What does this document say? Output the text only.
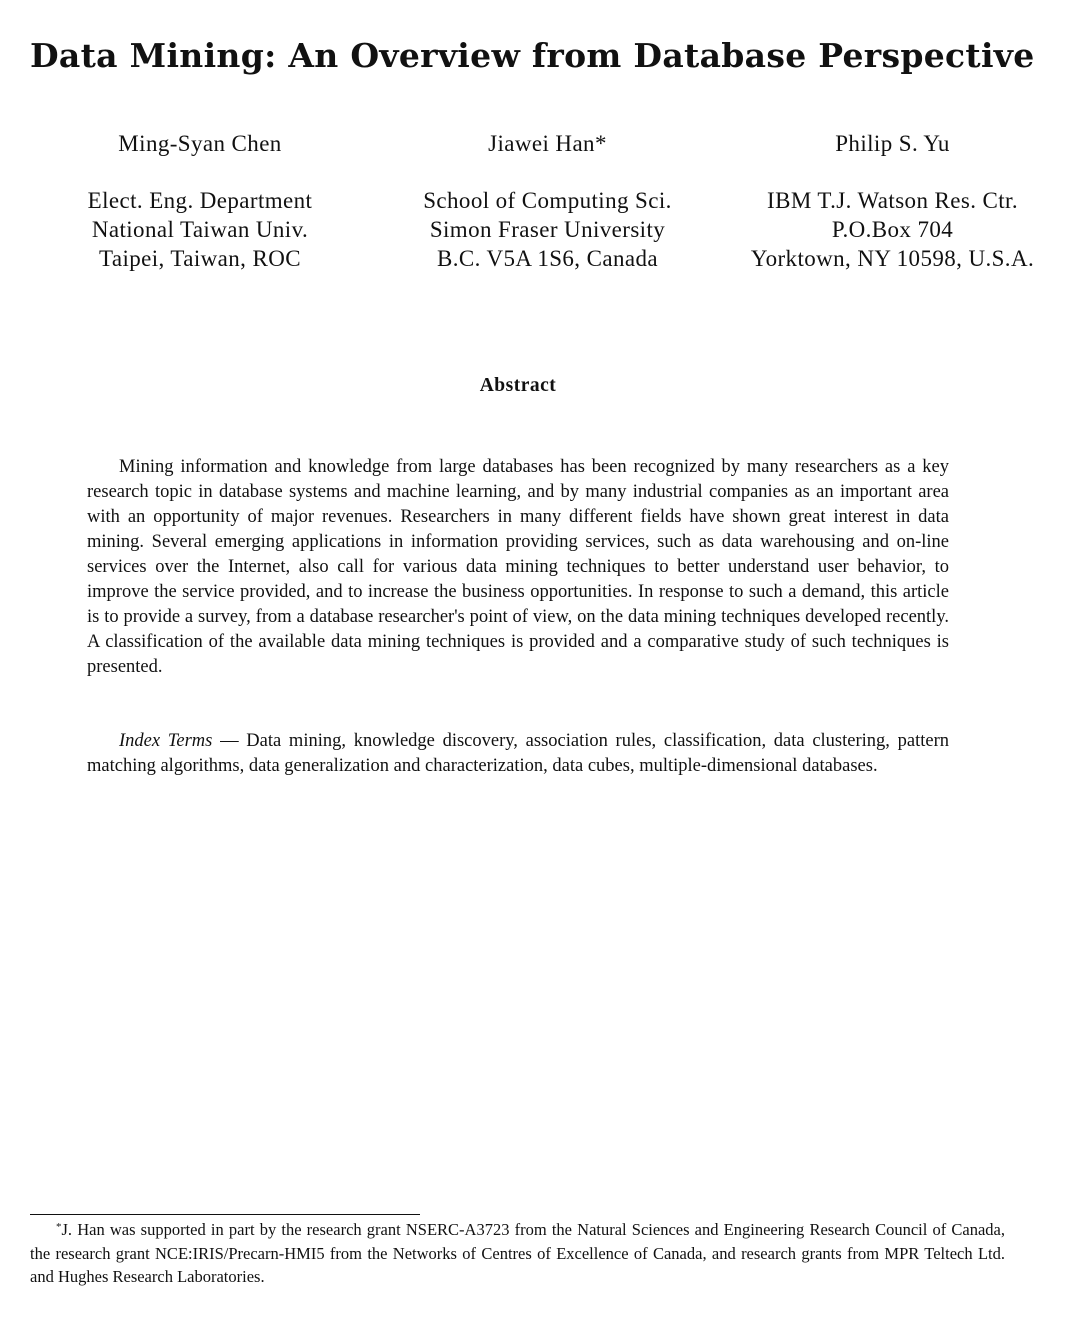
Data Mining: An Overview from Database Perspective
Ming-Syan Chen
Elect. Eng. Department
National Taiwan Univ.
Taipei, Taiwan, ROC
Jiawei Han*
School of Computing Sci.
Simon Fraser University
B.C. V5A 1S6, Canada
Philip S. Yu
IBM T.J. Watson Res. Ctr.
P.O.Box 704
Yorktown, NY 10598, U.S.A.
Abstract

Mining information and knowledge from large databases has been recognized by many researchers as a key research topic in database systems and machine learning, and by many industrial companies as an important area with an opportunity of major revenues. Researchers in many different fields have shown great interest in data mining. Several emerging applications in information providing services, such as data warehousing and on-line services over the Internet, also call for various data mining techniques to better understand user behavior, to improve the service provided, and to increase the business opportunities. In response to such a demand, this article is to provide a survey, from a database researcher's point of view, on the data mining techniques developed recently. A classification of the available data mining techniques is provided and a comparative study of such techniques is presented.

Index Terms — Data mining, knowledge discovery, association rules, classification, data clustering, pattern matching algorithms, data generalization and characterization, data cubes, multiple-dimensional databases.

*J. Han was supported in part by the research grant NSERC-A3723 from the Natural Sciences and Engineering Research Council of Canada, the research grant NCE:IRIS/Precarn-HMI5 from the Networks of Centres of Excellence of Canada, and research grants from MPR Teltech Ltd. and Hughes Research Laboratories.
